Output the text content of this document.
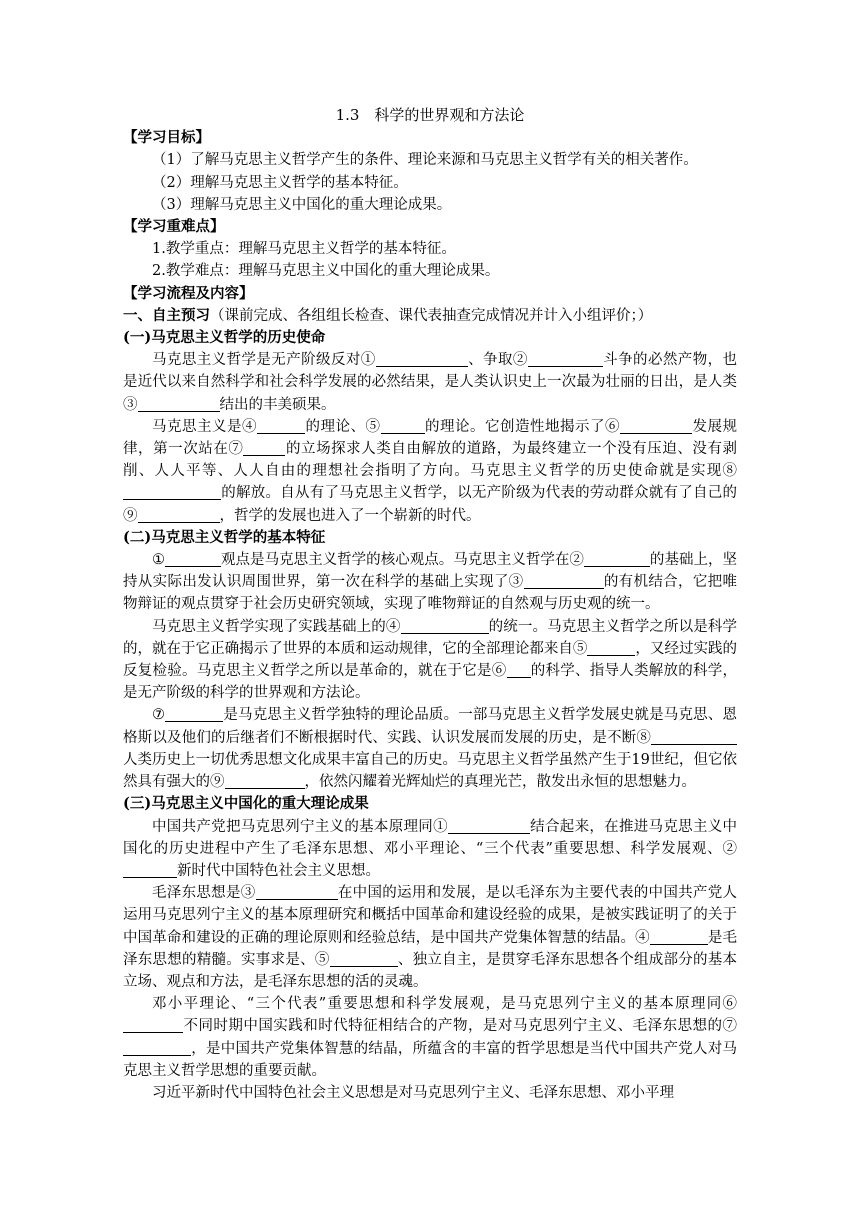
1.3　科学的世界观和方法论
【学习目标】
（1）了解马克思主义哲学产生的条件、理论来源和马克思主义哲学有关的相关著作。
（2）理解马克思主义哲学的基本特征。
（3）理解马克思主义中国化的重大理论成果。
【学习重难点】
1.教学重点：理解马克思主义哲学的基本特征。
2.教学难点：理解马克思主义中国化的重大理论成果。
【学习流程及内容】
一、自主预习（课前完成、各组组长检查、课代表抽查完成情况并计入小组评价；）
(一)马克思主义哲学的历史使命
马克思主义哲学是无产阶级反对①	、争取②	斗争的必然产物，也是近代以来自然科学和社会科学发展的必然结果，是人类认识史上一次最为壮丽的日出，是人类③	结出的丰美硕果。
马克思主义是④	的理论、⑤	的理论。它创造性地揭示了⑥	发展规律，第一次站在⑦	的立场探求人类自由解放的道路，为最终建立一个没有压迫、没有剥削、人人平等、人人自由的理想社会指明了方向。马克思主义哲学的历史使命就是实现⑧的解放。自从有了马克思主义哲学，以无产阶级为代表的劳动群众就有了自己的⑨	，哲学的发展也进入了一个崭新的时代。
(二)马克思主义哲学的基本特征
①	观点是马克思主义哲学的核心观点。马克思主义哲学在②	的基础上，坚持从实际出发认识周围世界，第一次在科学的基础上实现了③	的有机结合，它把唯物辩证的观点贯穿于社会历史研究领域，实现了唯物辩证的自然观与历史观的统一。
马克思主义哲学实现了实践基础上的④	的统一。马克思主义哲学之所以是科学的，就在于它正确揭示了世界的本质和运动规律，它的全部理论都来自⑤	，又经过实践的反复检验。马克思主义哲学之所以是革命的，就在于它是⑥ 的科学、指导人类解放的科学，是无产阶级的科学的世界观和方法论。
⑦	是马克思主义哲学独特的理论品质。一部马克思主义哲学发展史就是马克思、恩格斯以及他们的后继者们不断根据时代、实践、认识发展而发展的历史，是不断⑧人类历史上一切优秀思想文化成果丰富自己的历史。马克思主义哲学虽然产生于19世纪，但它依然具有强大的⑨	，依然闪耀着光辉灿烂的真理光芒，散发出永恒的思想魅力。
(三)马克思主义中国化的重大理论成果
中国共产党把马克思列宁主义的基本原理同①	结合起来，在推进马克思主义中国化的历史进程中产生了毛泽东思想、邓小平理论、“三个代表”重要思想、科学发展观、②新时代中国特色社会主义思想。
毛泽东思想是③	在中国的运用和发展，是以毛泽东为主要代表的中国共产党人运用马克思列宁主义的基本原理研究和概括中国革命和建设经验的成果，是被实践证明了的关于中国革命和建设的正确的理论原则和经验总结，是中国共产党集体智慧的结晶。④	是毛泽东思想的精髓。实事求是、⑤	、独立自主，是贯穿毛泽东思想各个组成部分的基本立场、观点和方法，是毛泽东思想的活的灵魂。
邓小平理论、“三个代表”重要思想和科学发展观，是马克思列宁主义的基本原理同⑥不同时期中国实践和时代特征相结合的产物，是对马克思列宁主义、毛泽东思想的⑦，是中国共产党集体智慧的结晶，所蕴含的丰富的哲学思想是当代中国共产党人对马克思主义哲学思想的重要贡献。
习近平新时代中国特色社会主义思想是对马克思列宁主义、毛泽东思想、邓小平理
